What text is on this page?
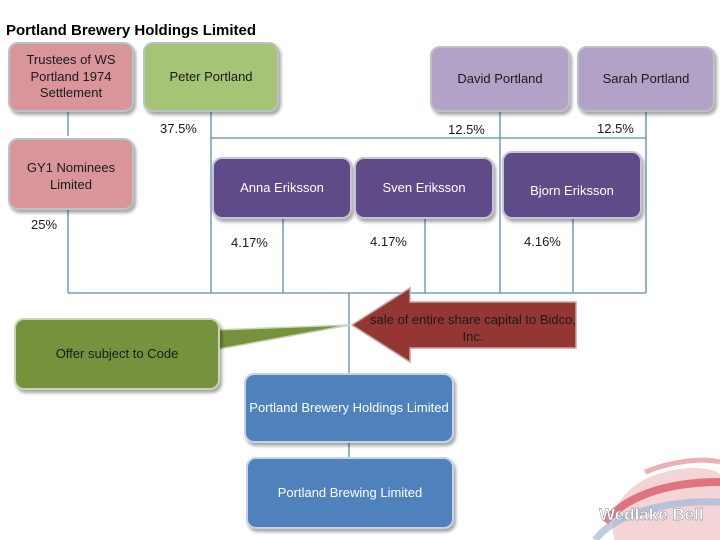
Portland Brewery Holdings Limited
Trustees of WS Portland 1974 Settlement
Peter Portland	David Portland	Sarah Portland
GY1 Nominees Limited	Anna Eriksson	Sven Eriksson	Bjorn Eriksson
Portland Brewery Holdings Limited
Portland Brewing Limited
Offer subject to Code
sale of entire share capital to Bidco, Inc.
37.5%	12.5%	12.5%
25%
4.17%	4.17%	4.16%
Wedlake Bell
